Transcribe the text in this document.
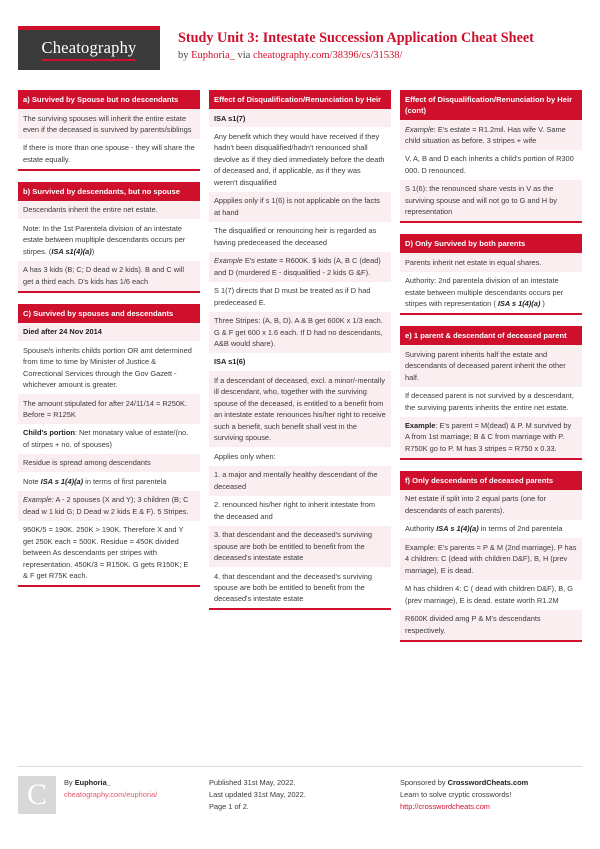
Cheatography
Study Unit 3: Intestate Succession Application Cheat Sheet
by Euphoria_ via cheatography.com/38396/cs/31538/
a) Survived by Spouse but no descendants
The surviving spouses will inherit the entire estate even if the deceased is survived by parents/siblings
If there is more than one spouse - they will share the estate equally.
b) Survived by descendants, but no spouse
Descendants inherit the entire net estate.
Note: In the 1st Parentela division of an intestate estate between mupltiple descendants occurs per stirpes. (ISA s1(4)(a))
A has 3 kids (B; C; D dead w 2 kids). B and C will get a third each. D's kids has 1/6 each
C) Survived by spouses and descendants
Died after 24 Nov 2014
Spouse/s inherits childs portion OR amt determined from time to time by Minister of Justice & Correctional Services through the Gov Gazett - whichever amount is greater.
The amount stipulated for after 24/11/14 = R250K. Before = R125K
Child's portion: Net monatary value of estate/(no. of stirpes + no. of spouses)
Residue is spread among descendants
Note ISA s 1(4)(a) in terms of first parentela
Example: A - 2 spouses (X and Y); 3 children (B; C dead w 1 kid G; D Dead w 2 kids E & F). 5 Stripes.
950K/5 = 190K. 250K > 190K. Therefore X and Y get 250K each = 500K. Residue = 450K divided between As descendants per stripes with representation. 450K/3 = R150K. G gets R150K; E & F get R75K each.
Effect of Disqualification/Renunciation by Heir
ISA s1(7)
Any benefit which they would have received if they hadn't been disqualified/hadn't renounced shall devolve as if they died immediately before the death of deceased and, if applicable, as if they was weren't disqualified
Appplies only if s 1(6) is not applicable on the facts at hand
The disqualified or renouncing heir is regarded as having predeceased the deceased
Example E's estate = R600K. $ kids (A, B C (dead) and D (murdered E - disqualified - 2 kids G &F).
S 1(7) directs that D must be treated as if D had predeceased E.
Three Stripes: (A, B, D). A & B get 600K x 1/3 each. G & F get 600 x 1.6 each. If D had no descendants, A&B would share).
ISA s1(6)
If a descendant of deceased, excl. a minor/-mentally ill descendant, who, together with the surviving spouse of the deceased, is entitled to a benefit from an intestate estate renounces his/her right to receive such a benefit, such benefit shall vest in the surviving spouse.
Applies only when:
1. a major and mentally healthy descendant of the deceased
2. renounced his/her right to inherit intestate from the deceased and
3. that descendant and the deceased's surviving spouse are both be entitled to benefit from the deceased's intestate estate
4. that descendant and the deceased's surviving spouse are both be entitled to benefit from the deceased's intestate estate
Effect of Disqualification/Renunciation by Heir (cont)
Example: E's estate = R1.2mil. Has wife V. Same child situation as before. 3 stripes + wife
V, A, B and D each inherits a child's portion of R300 000. D renounced.
S 1(6): the renounced share vests in V as the surviving spouse and will not go to G and H by representation
D) Only Survived by both parents
Parents inherit net estate in equal shares.
Authority: 2nd parentela division of an intestate estate between multiple descendants occurs per stirpes with representation ( ISA s 1(4)(a) )
e) 1 parent & descendant of deceased parent
Surviving parent inherits half the estate and descendants of deceased parent inherit the other half.
If deceased parent is not survived by a descendant, the surviving parents inherits the entire net estate.
Example: E's parent = M(dead) & P. M survived by A from 1st marriage; B & C from marriage with P. R750K go to P. M has 3 stripes = R750 x 0.33.
f) Only descendants of deceased parents
Net estate if split into 2 equal parts (one for descendants of each parents).
Authority ISA s 1(4)(a) in terms of 2nd parentela
Example: E's parents = P & M (2nd marriage). P has 4 children: C (dead with children D&F), B, H (prev marriage), E is dead.
M has children 4: C ( dead with children D&F), B, G (prev marriage), E is dead. estate worth R1.2M
R600K divided amg P & M's descendants respectively.
C	By Euphoria_
cheatography.com/euphoria/
Published 31st May, 2022.
Last updated 31st May, 2022.
Page 1 of 2.
Sponsored by CrosswordCheats.com
Learn to solve cryptic crosswords!
http://crosswordcheats.com
